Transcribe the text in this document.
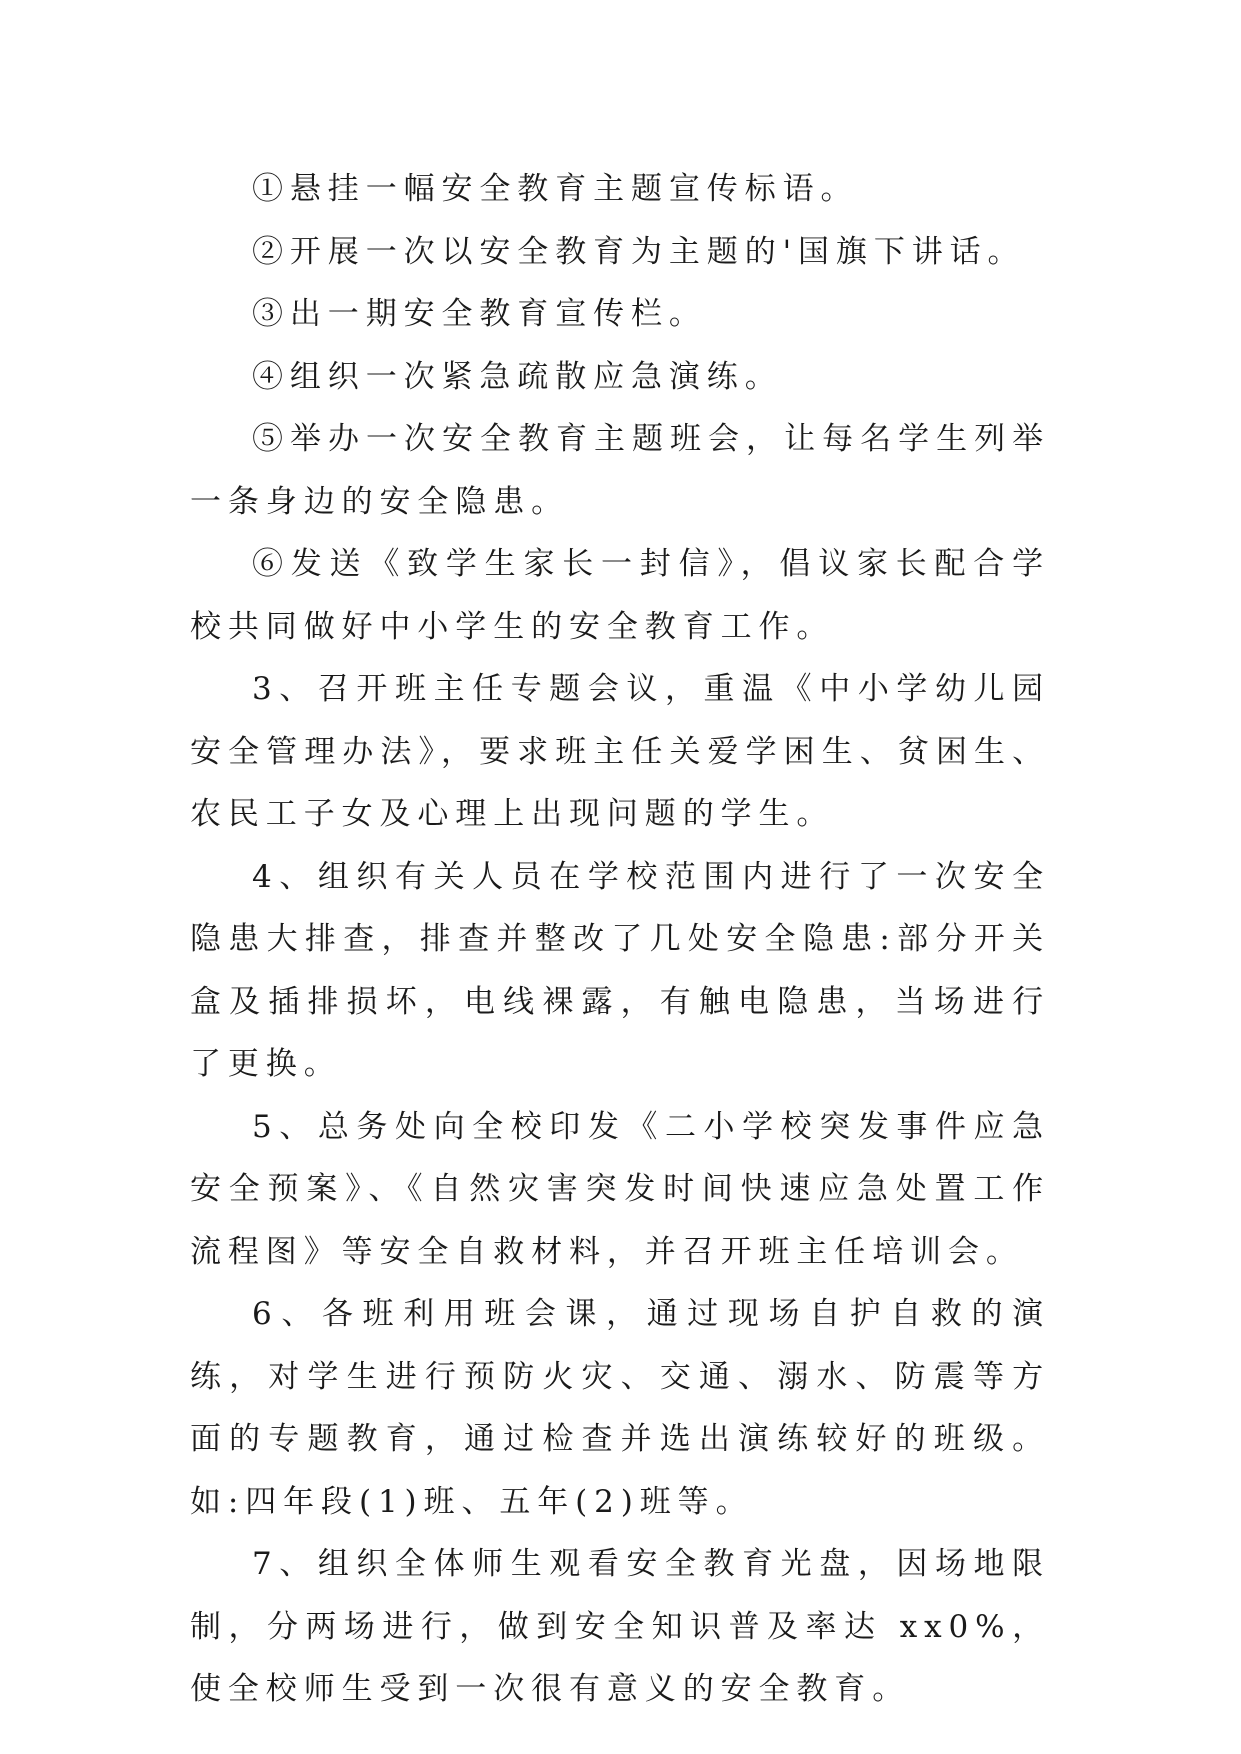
①悬挂一幅安全教育主题宣传标语。

②开展一次以安全教育为主题的'国旗下讲话。

③出一期安全教育宣传栏。

④组织一次紧急疏散应急演练。

⑤举办一次安全教育主题班会，让每名学生列举一条身边的安全隐患。

⑥发送《致学生家长一封信》，倡议家长配合学校共同做好中小学生的安全教育工作。

3、召开班主任专题会议，重温《中小学幼儿园安全管理办法》，要求班主任关爱学困生、贫困生、农民工子女及心理上出现问题的学生。

4、组织有关人员在学校范围内进行了一次安全隐患大排查，排查并整改了几处安全隐患:部分开关盒及插排损坏，电线裸露，有触电隐患，当场进行了更换。

5、总务处向全校印发《二小学校突发事件应急安全预案》、《自然灾害突发时间快速应急处置工作流程图》等安全自救材料，并召开班主任培训会。

6、各班利用班会课，通过现场自护自救的演练，对学生进行预防火灾、交通、溺水、防震等方面的专题教育，通过检查并选出演练较好的班级。如:四年段(1)班、五年(2)班等。

7、组织全体师生观看安全教育光盘，因场地限制，分两场进行，做到安全知识普及率达 xx0%，使全校师生受到一次很有意义的安全教育。
